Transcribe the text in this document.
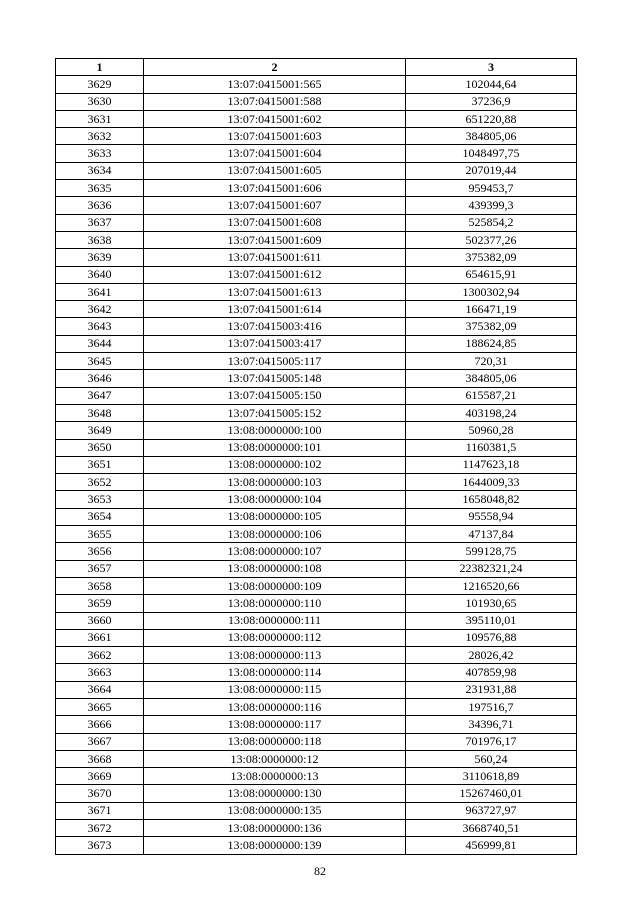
1	2	3
3629	13:07:0415001:565	102044,64
3630	13:07:0415001:588	37236,9
3631	13:07:0415001:602	651220,88
3632	13:07:0415001:603	384805,06
3633	13:07:0415001:604	1048497,75
3634	13:07:0415001:605	207019,44
3635	13:07:0415001:606	959453,7
3636	13:07:0415001:607	439399,3
3637	13:07:0415001:608	525854,2
3638	13:07:0415001:609	502377,26
3639	13:07:0415001:611	375382,09
3640	13:07:0415001:612	654615,91
3641	13:07:0415001:613	1300302,94
3642	13:07:0415001:614	166471,19
3643	13:07:0415003:416	375382,09
3644	13:07:0415003:417	188624,85
3645	13:07:0415005:117	720,31
3646	13:07:0415005:148	384805,06
3647	13:07:0415005:150	615587,21
3648	13:07:0415005:152	403198,24
3649	13:08:0000000:100	50960,28
3650	13:08:0000000:101	1160381,5
3651	13:08:0000000:102	1147623,18
3652	13:08:0000000:103	1644009,33
3653	13:08:0000000:104	1658048,82
3654	13:08:0000000:105	95558,94
3655	13:08:0000000:106	47137,84
3656	13:08:0000000:107	599128,75
3657	13:08:0000000:108	22382321,24
3658	13:08:0000000:109	1216520,66
3659	13:08:0000000:110	101930,65
3660	13:08:0000000:111	395110,01
3661	13:08:0000000:112	109576,88
3662	13:08:0000000:113	28026,42
3663	13:08:0000000:114	407859,98
3664	13:08:0000000:115	231931,88
3665	13:08:0000000:116	197516,7
3666	13:08:0000000:117	34396,71
3667	13:08:0000000:118	701976,17
3668	13:08:0000000:12	560,24
3669	13:08:0000000:13	3110618,89
3670	13:08:0000000:130	15267460,01
3671	13:08:0000000:135	963727,97
3672	13:08:0000000:136	3668740,51
3673	13:08:0000000:139	456999,81
82
